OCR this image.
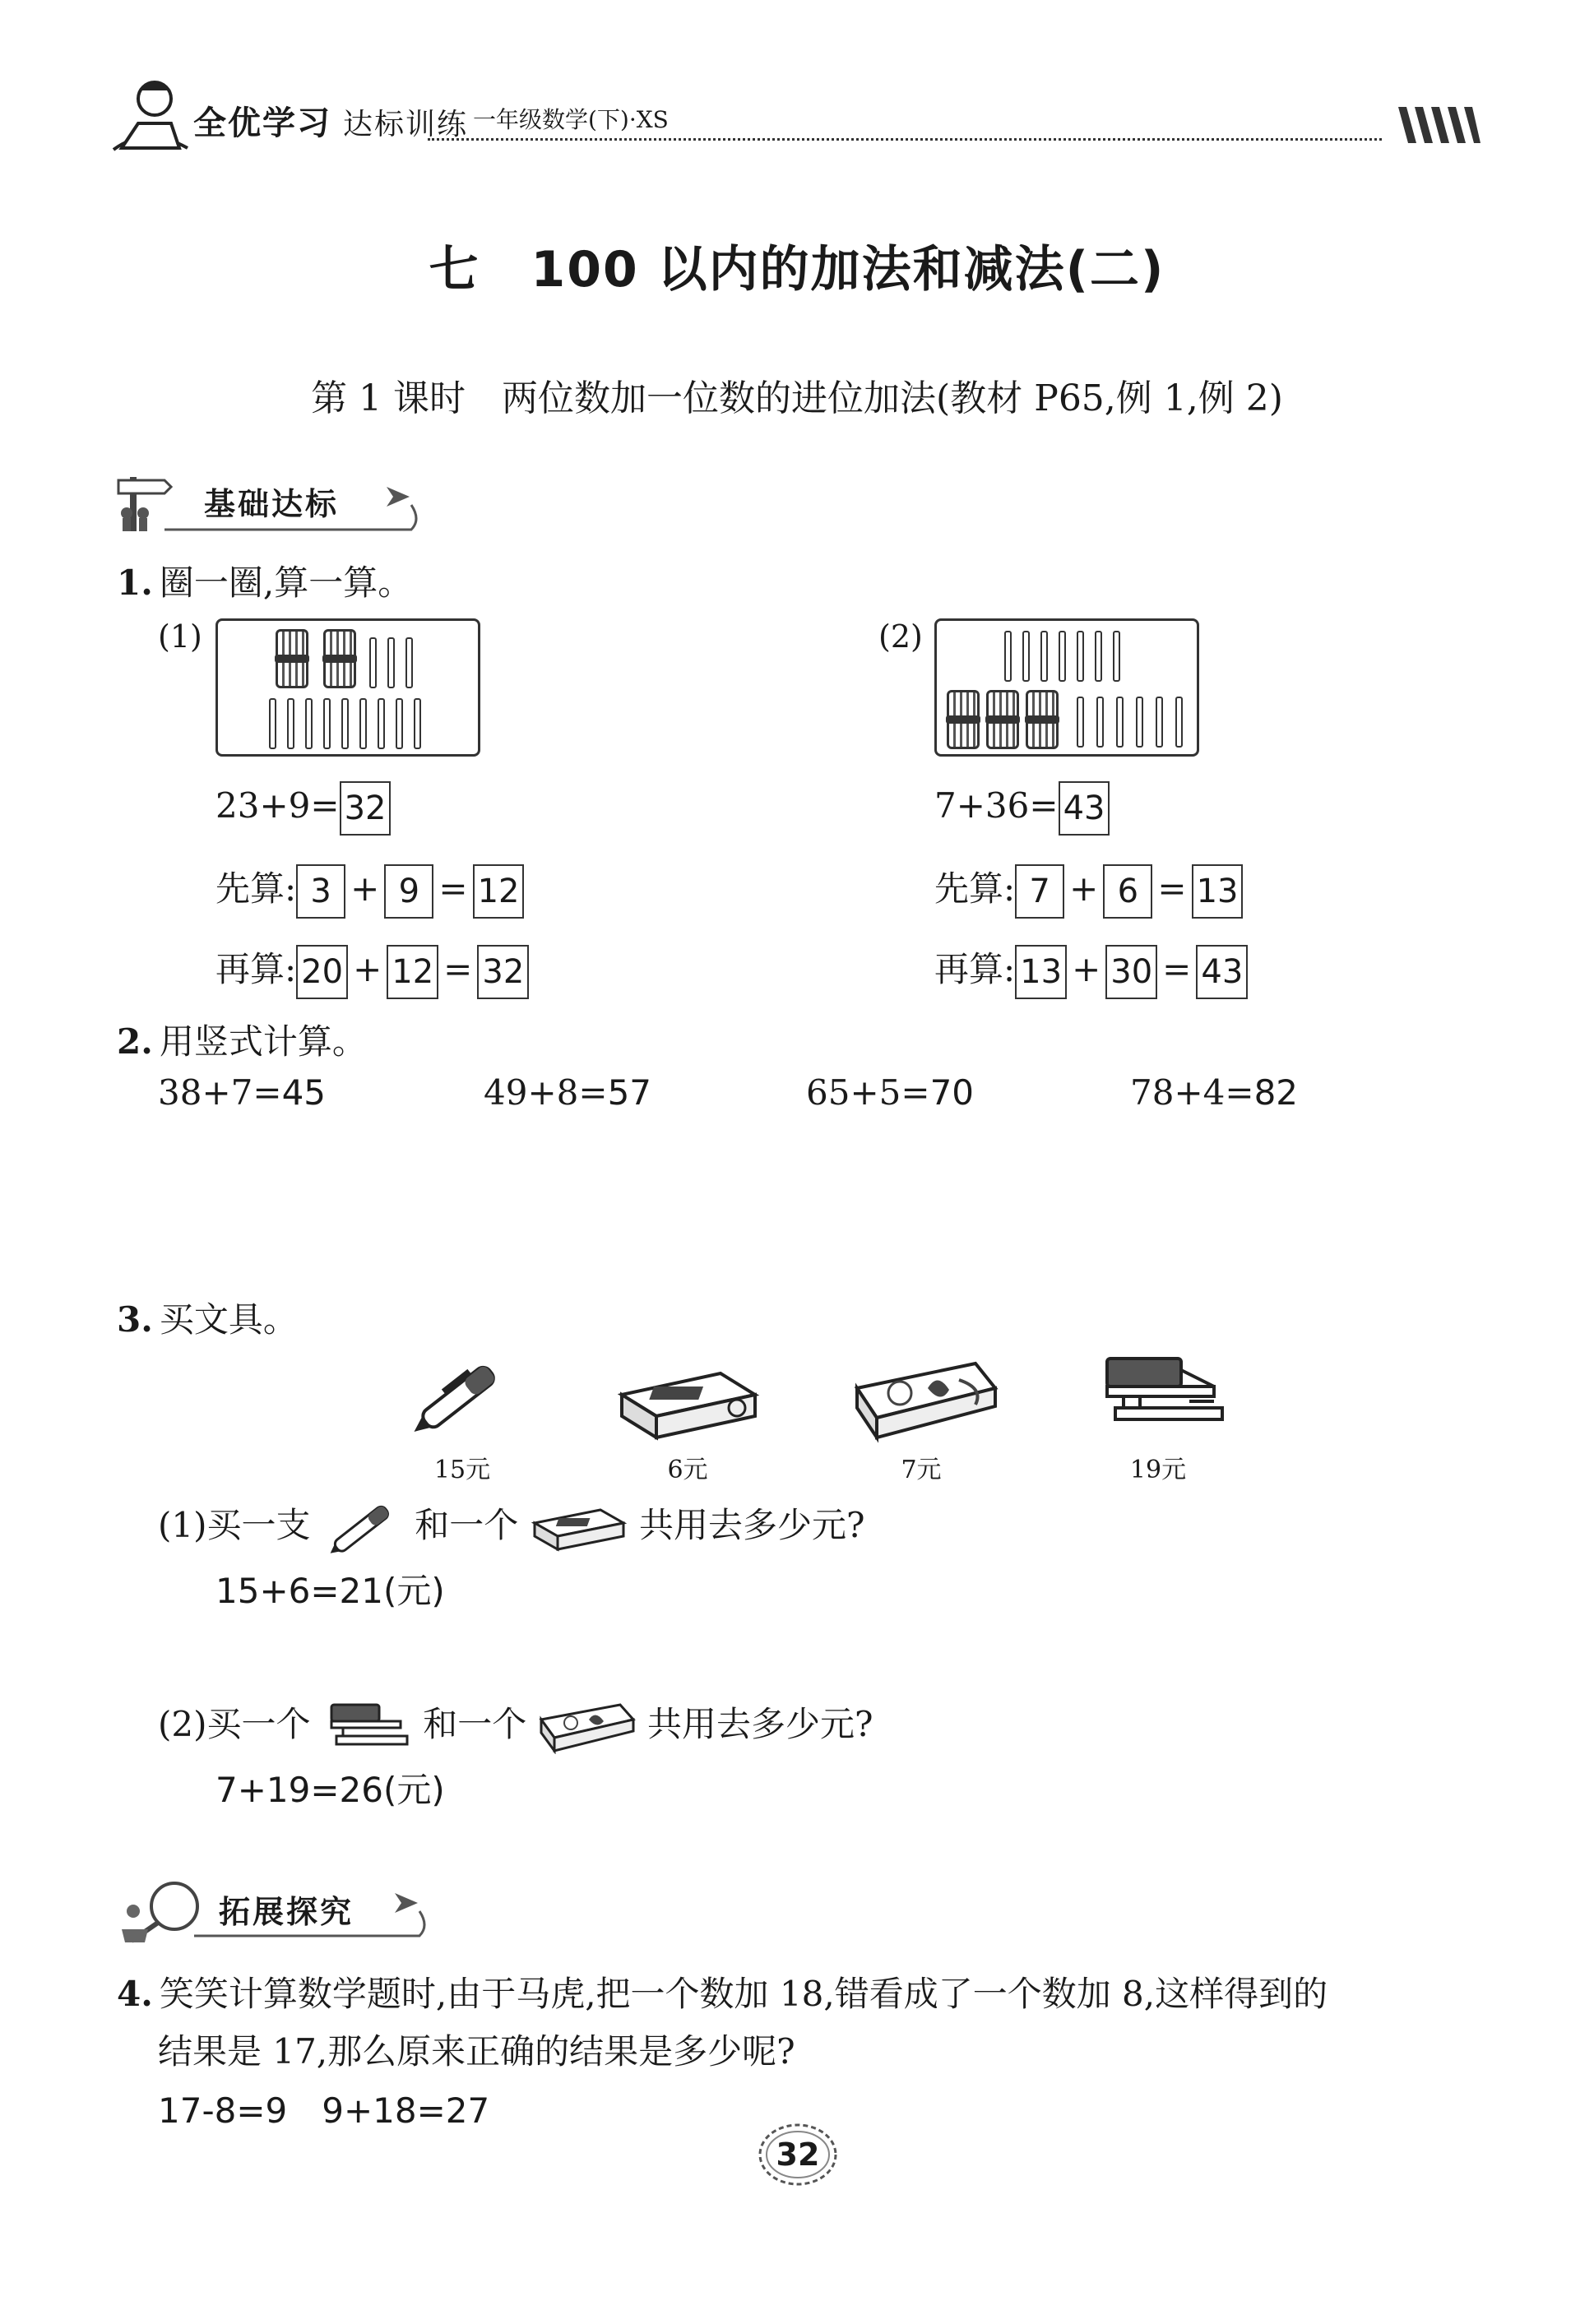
全优学习 达标训练 一年级数学(下)·XS
七　100 以内的加法和减法(二)
第 1 课时　两位数加一位数的进位加法(教材 P65,例 1,例 2)
基础达标
1. 圈一圈,算一算。
(1)
23+9= 32
先算: 3 + 9 = 12
再算: 20 + 12 = 32
(2)
7+36= 43
先算: 7 + 6 = 13
再算: 13 + 30 = 43
2. 用竖式计算。
38+7=45	49+8=57	65+5=70	78+4=82
3. 买文具。
15元	6元	7元	19元
(1)买一支	和一个	共用去多少元?
15+6=21(元)
(2)买一个	和一个	共用去多少元?
7+19=26(元)
拓展探究
4. 笑笑计算数学题时,由于马虎,把一个数加 18,错看成了一个数加 8,这样得到的
结果是 17,那么原来正确的结果是多少呢?
17-8=9　9+18=27
32
